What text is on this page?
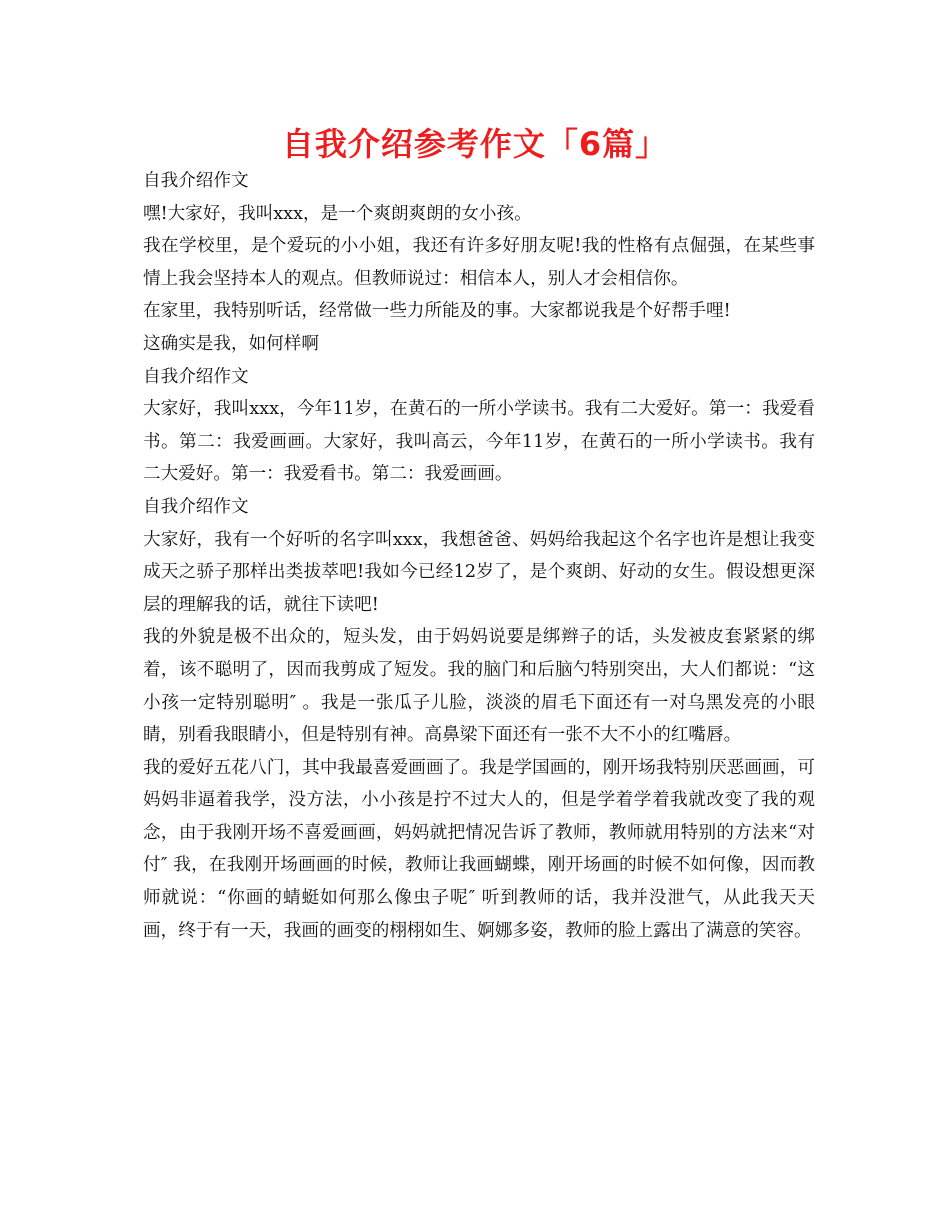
自我介绍参考作文「6篇」

自我介绍作文

嘿!大家好，我叫xxx，是一个爽朗爽朗的女小孩。

我在学校里，是个爱玩的小小姐，我还有许多好朋友呢!我的性格有点倔强，在某些事情上我会坚持本人的观点。但教师说过：相信本人，别人才会相信你。

在家里，我特别听话，经常做一些力所能及的事。大家都说我是个好帮手哩!

这确实是我，如何样啊

自我介绍作文

大家好，我叫xxx，今年11岁，在黄石的一所小学读书。我有二大爱好。第一：我爱看书。第二：我爱画画。大家好，我叫高云，今年11岁，在黄石的一所小学读书。我有二大爱好。第一：我爱看书。第二：我爱画画。

自我介绍作文

大家好，我有一个好听的名字叫xxx，我想爸爸、妈妈给我起这个名字也许是想让我变成天之骄子那样出类拔萃吧!我如今已经12岁了，是个爽朗、好动的女生。假设想更深层的理解我的话，就往下读吧!

我的外貌是极不出众的，短头发，由于妈妈说要是绑辫子的话，头发被皮套紧紧的绑着，该不聪明了，因而我剪成了短发。我的脑门和后脑勺特别突出，大人们都说：“这小孩一定特别聪明″ 。我是一张瓜子儿脸，淡淡的眉毛下面还有一对乌黑发亮的小眼睛，别看我眼睛小，但是特别有神。高鼻梁下面还有一张不大不小的红嘴唇。

我的爱好五花八门，其中我最喜爱画画了。我是学国画的，刚开场我特别厌恶画画，可妈妈非逼着我学，没方法，小小孩是拧不过大人的，但是学着学着我就改变了我的观念，由于我刚开场不喜爱画画，妈妈就把情况告诉了教师，教师就用特别的方法来“对付″ 我，在我刚开场画画的时候，教师让我画蝴蝶，刚开场画的时候不如何像，因而教师就说：“你画的蜻蜓如何那么像虫子呢″ 听到教师的话，我并没泄气，从此我天天画，终于有一天，我画的画变的栩栩如生、婀娜多姿，教师的脸上露出了满意的笑容。
